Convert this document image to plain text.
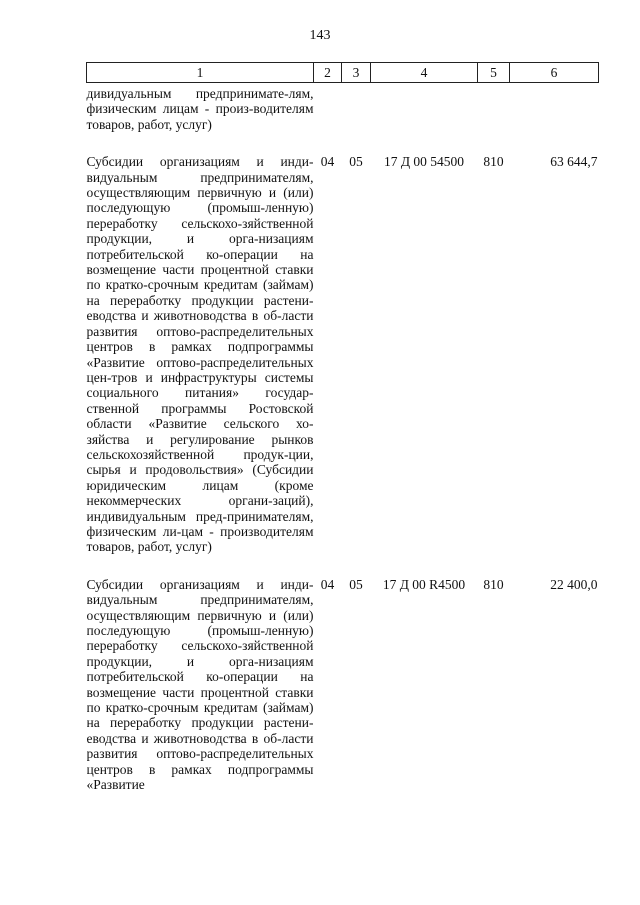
143
1	2	3	4	5	6
дивидуальным предпринимате-лям, физическим лицам - произ-водителям товаров, работ, услуг)					
Субсидии организациям и инди-видуальным предпринимателям, осуществляющим первичную и (или) последующую (промыш-ленную) переработку сельскохо-зяйственной продукции, и орга-низациям потребительской ко-операции на возмещение части процентной ставки по кратко-срочным кредитам (займам) на переработку продукции растени-еводства и животноводства в об-ласти развития оптово-распределительных центров в рамках подпрограммы «Развитие оптово-распределительных цен-тров и инфраструктуры системы социального питания» государ-ственной программы Ростовской области «Развитие сельского хо-зяйства и регулирование рынков сельскохозяйственной продук-ции, сырья и продовольствия» (Субсидии юридическим лицам (кроме некоммерческих органи-заций), индивидуальным пред-принимателям, физическим ли-цам - производителям товаров, работ, услуг)	04	05	17 Д 00 54500	810	63 644,7
Субсидии организациям и инди-видуальным предпринимателям, осуществляющим первичную и (или) последующую (промыш-ленную) переработку сельскохо-зяйственной продукции, и орга-низациям потребительской ко-операции на возмещение части процентной ставки по кратко-срочным кредитам (займам) на переработку продукции растени-еводства и животноводства в об-ласти развития оптово-распределительных центров в рамках подпрограммы «Развитие	04	05	17 Д 00 R4500	810	22 400,0
